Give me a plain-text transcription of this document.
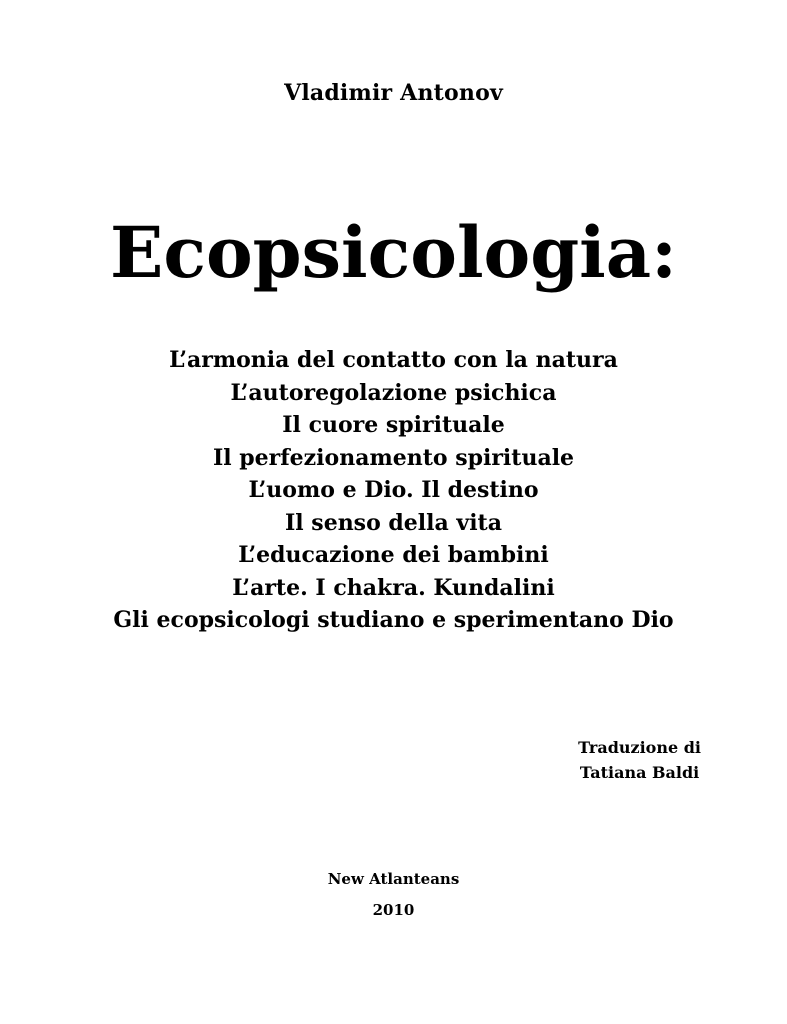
Vladimir Antonov
Ecopsicologia:
L’armonia del contatto con la natura
L’autoregolazione psichica
Il cuore spirituale
Il perfezionamento spirituale
L’uomo e Dio. Il destino
Il senso della vita
L’educazione dei bambini
L’arte. I chakra. Kundalini
Gli ecopsicologi studiano e sperimentano Dio
Traduzione di
Tatiana Baldi
New Atlanteans
2010
